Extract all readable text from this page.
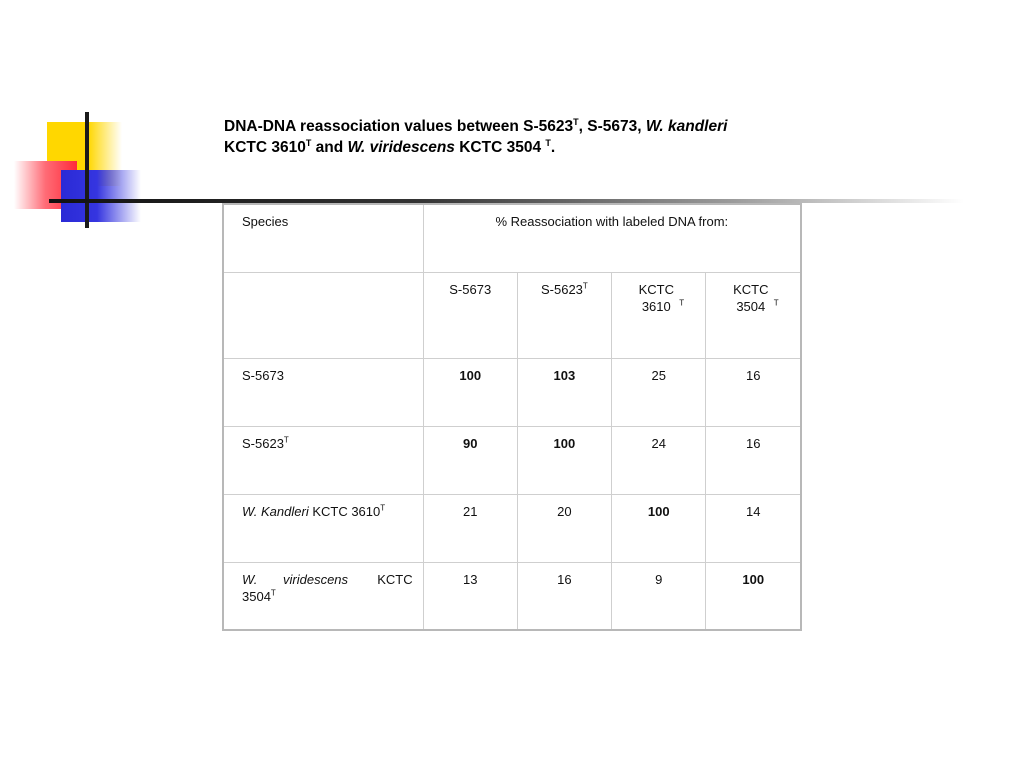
DNA-DNA reassociation values between $S-5623^T$, S-5673, W. kandleri
KCTC $3610^T$ and W. viridescens KCTC 3504 $^T$.
Species	% Reassociation with labeled DNA from:			
	S-5673	$S-5623^T$	KCTC 3610 $^T$	KCTC 3504 $^T$
S-5673	100	103	25	16
$S-5623^T$	90	100	24	16
W. Kandleri KCTC $3610^T$	21	20	100	14

W. viridescens KCTC
$3504^T$	13	16	9	100
